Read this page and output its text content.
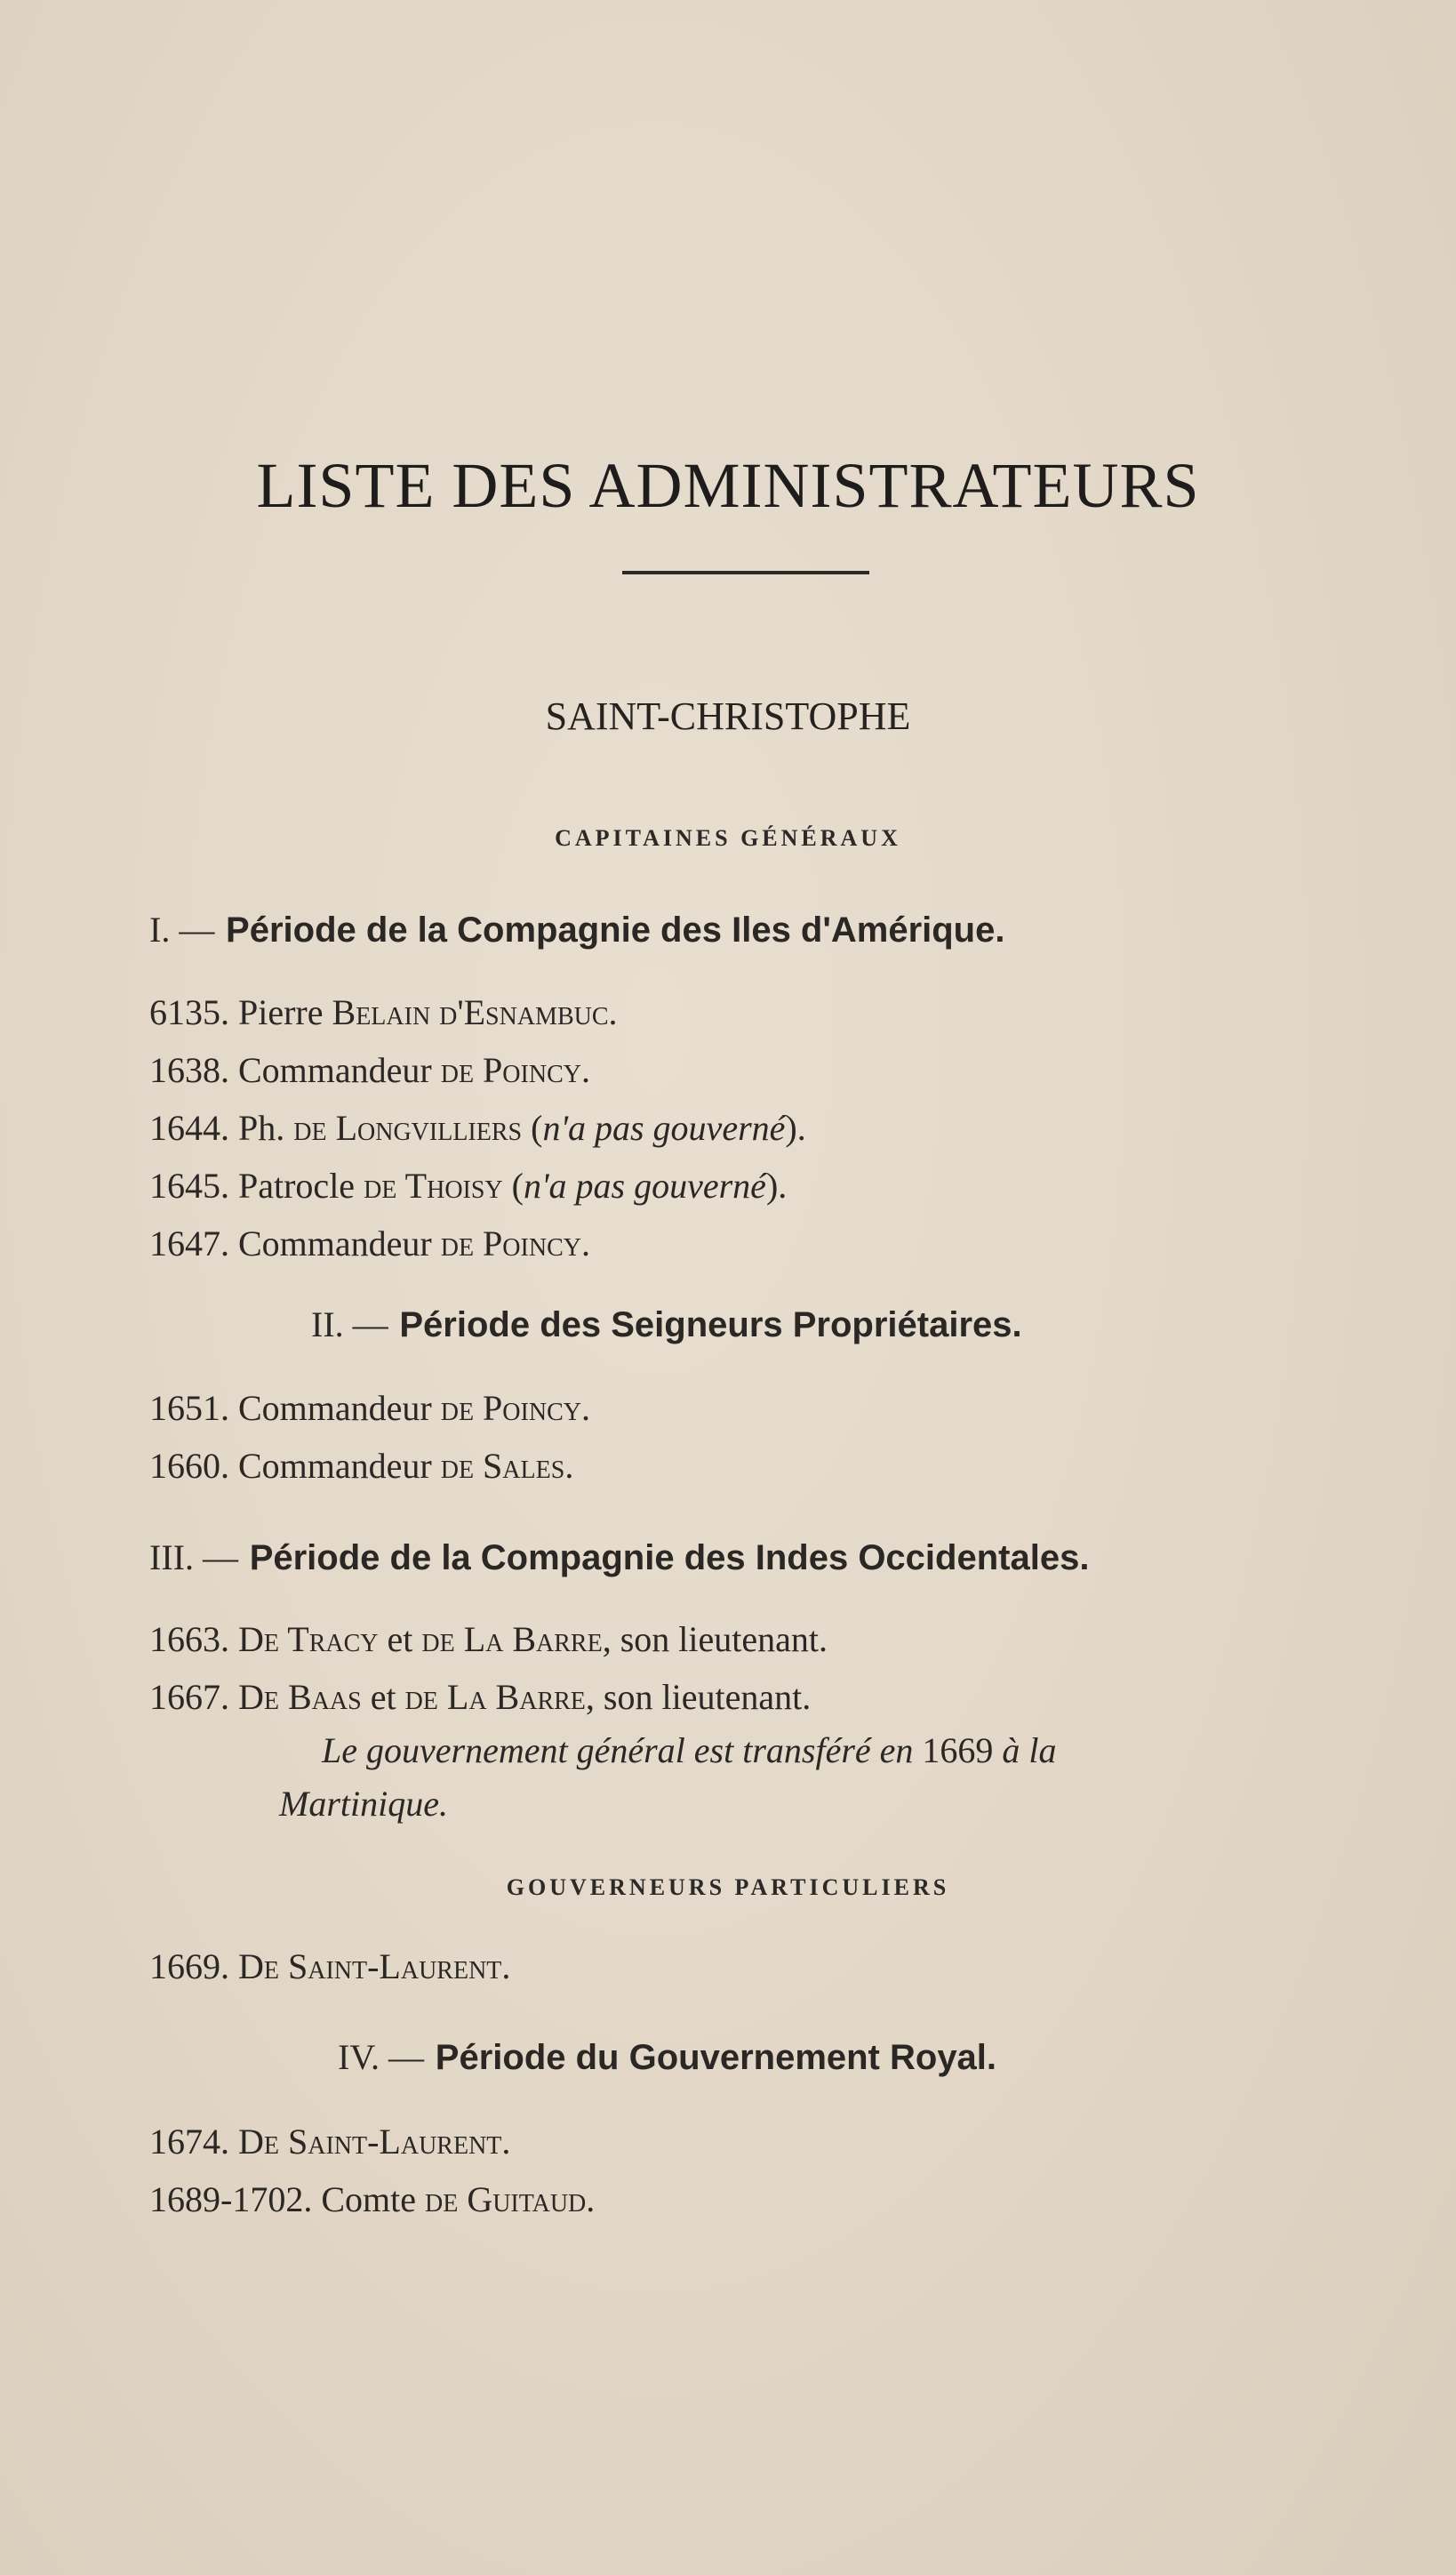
LISTE DES ADMINISTRATEURS
SAINT-CHRISTOPHE
CAPITAINES GÉNÉRAUX
I. — Période de la Compagnie des Iles d'Amérique.
6135. Pierre Belain d'Esnambuc.
1638. Commandeur de Poincy.
1644. Ph. de Longvilliers (n'a pas gouverné).
1645. Patrocle de Thoisy (n'a pas gouverné).
1647. Commandeur de Poincy.
II. — Période des Seigneurs Propriétaires.
1651. Commandeur de Poincy.
1660. Commandeur de Sales.
III. — Période de la Compagnie des Indes Occidentales.
1663. De Tracy et de La Barre, son lieutenant.
1667. De Baas et de La Barre, son lieutenant.
Le gouvernement général est transféré en 1669 à la
Martinique.
GOUVERNEURS PARTICULIERS
1669. De Saint-Laurent.
IV. — Période du Gouvernement Royal.
1674. De Saint-Laurent.
1689-1702. Comte de Guitaud.
